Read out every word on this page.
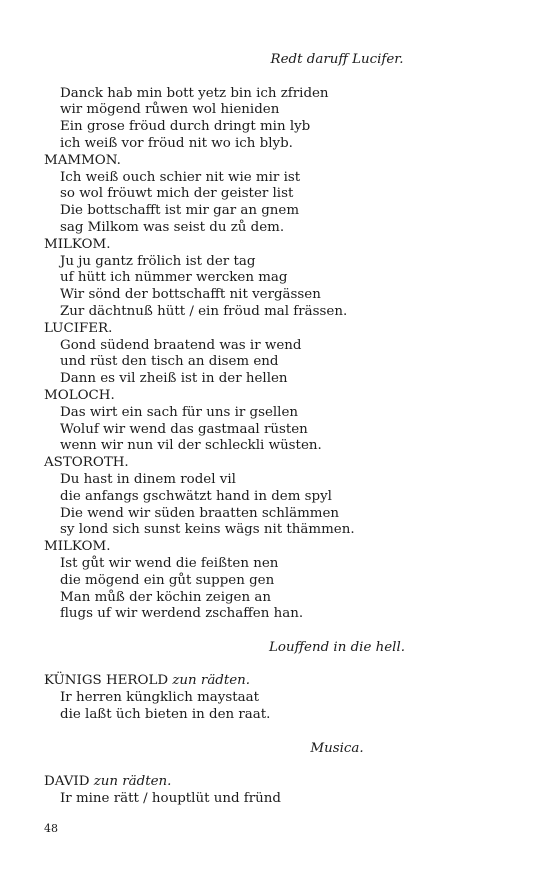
Redt daruff Lucifer.
Danck hab min bott yetz bin ich zfriden
wir mögend růwen wol hieniden
Ein grose fröud durch dringt min lyb
ich weiß vor fröud nit wo ich blyb.
MAMMON.
Ich weiß ouch schier nit wie mir ist
so wol fröuwt mich der geister list
Die bottschafft ist mir gar an gnem
sag Milkom was seist du zů dem.
MILKOM.
Ju ju gantz frölich ist der tag
uf hütt ich nümmer wercken mag
Wir sönd der bottschafft nit vergässen
Zur dächtnuß hütt / ein fröud mal frässen.
LUCIFER.
Gond südend braatend was ir wend
und rüst den tisch an disem end
Dann es vil zheiß ist in der hellen
MOLOCH.
Das wirt ein sach für uns ir gsellen
Woluf wir wend das gastmaal rüsten
wenn wir nun vil der schleckli wüsten.
ASTOROTH.
Du hast in dinem rodel vil
die anfangs gschwätzt hand in dem spyl
Die wend wir süden braatten schlämmen
sy lond sich sunst keins wägs nit thämmen.
MILKOM.
Ist gůt wir wend die feißten nen
die mögend ein gůt suppen gen
Man můß der köchin zeigen an
flugs uf wir werdend zschaffen han.
Louffend in die hell.
KÜNIGS HEROLD zun rädten.
Ir herren küngklich maystaat
die laßt üch bieten in den raat.
Musica.
DAVID zun rädten.
Ir mine rätt / houptlüt und fründ
48
